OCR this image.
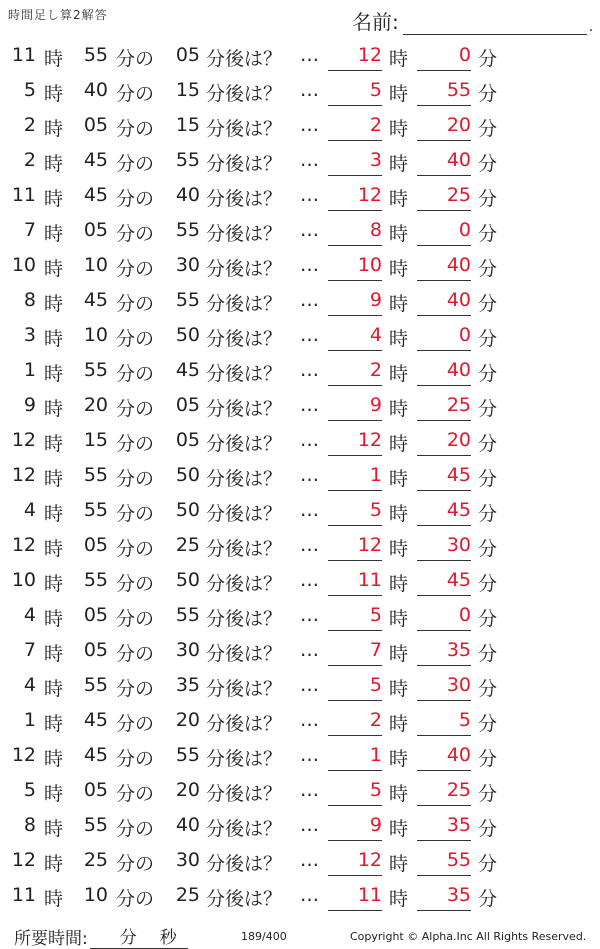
時間足し算2解答	名前:	.
11 時	55 分の	05 分後は？ …	12 時	0 分
5 時	40 分の	15 分後は？ …	5 時	55 分
2 時	05 分の	15 分後は？ …	2 時	20 分
2 時	45 分の	55 分後は？ …	3 時	40 分
11 時	45 分の	40 分後は？ …	12 時	25 分
7 時	05 分の	55 分後は？ …	8 時	0 分
10 時	10 分の	30 分後は？ …	10 時	40 分
8 時	45 分の	55 分後は？ …	9 時	40 分
3 時	10 分の	50 分後は？ …	4 時	0 分
1 時	55 分の	45 分後は？ …	2 時	40 分
9 時	20 分の	05 分後は？ …	9 時	25 分
12 時	15 分の	05 分後は？ …	12 時	20 分
12 時	55 分の	50 分後は？ …	1 時	45 分
4 時	55 分の	50 分後は？ …	5 時	45 分
12 時	05 分の	25 分後は？ …	12 時	30 分
10 時	55 分の	50 分後は？ …	11 時	45 分
4 時	05 分の	55 分後は？ …	5 時	0 分
7 時	05 分の	30 分後は？ …	7 時	35 分
4 時	55 分の	35 分後は？ …	5 時	30 分
1 時	45 分の	20 分後は？ …	2 時	5 分
12 時	45 分の	55 分後は？ …	1 時	40 分
5 時	05 分の	20 分後は？ …	5 時	25 分
8 時	55 分の	40 分後は？ …	9 時	35 分
12 時	25 分の	30 分後は？ …	12 時	55 分
11 時	10 分の	25 分後は？ …	11 時	35 分
所要時間: 分 秒	189/400	Copyright © Alpha.Inc All Rights Reserved.
